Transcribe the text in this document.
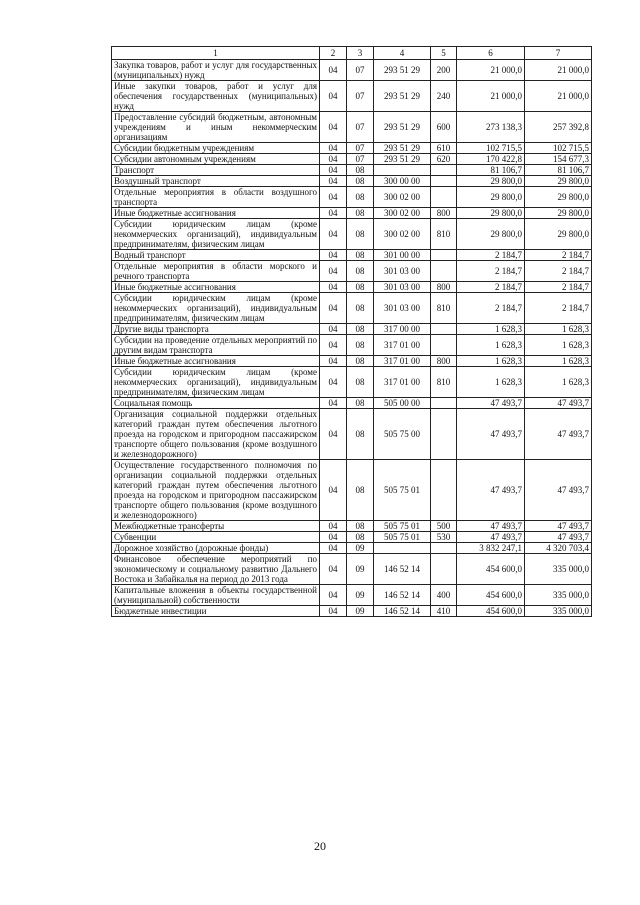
1	2	3	4	5	6	7
Закупка товаров, работ и услуг для государственных (муниципальных) нужд	04	07	293 51 29	200	21 000,0	21 000,0
Иные закупки товаров, работ и услуг для обеспечения государственных (муниципальных) нужд	04	07	293 51 29	240	21 000,0	21 000,0
Предоставление субсидий бюджетным, автономным учреждениям и иным некоммерческим организациям	04	07	293 51 29	600	273 138,3	257 392,8
Субсидии бюджетным учреждениям	04	07	293 51 29	610	102 715,5	102 715,5
Субсидии автономным учреждениям	04	07	293 51 29	620	170 422,8	154 677,3
Транспорт	04	08			81 106,7	81 106,7
Воздушный транспорт	04	08	300 00 00		29 800,0	29 800,0
Отдельные мероприятия в области воздушного транспорта	04	08	300 02 00		29 800,0	29 800,0
Иные бюджетные ассигнования	04	08	300 02 00	800	29 800,0	29 800,0
Субсидии юридическим лицам (кроме некоммерческих организаций), индивидуальным предпринимателям, физическим лицам	04	08	300 02 00	810	29 800,0	29 800,0
Водный транспорт	04	08	301 00 00		2 184,7	2 184,7
Отдельные мероприятия в области морского и речного транспорта	04	08	301 03 00		2 184,7	2 184,7
Иные бюджетные ассигнования	04	08	301 03 00	800	2 184,7	2 184,7
Субсидии юридическим лицам (кроме некоммерческих организаций), индивидуальным предпринимателям, физическим лицам	04	08	301 03 00	810	2 184,7	2 184,7
Другие виды транспорта	04	08	317 00 00		1 628,3	1 628,3
Субсидии на проведение отдельных мероприятий по другим видам транспорта	04	08	317 01 00		1 628,3	1 628,3
Иные бюджетные ассигнования	04	08	317 01 00	800	1 628,3	1 628,3
Субсидии юридическим лицам (кроме некоммерческих организаций), индивидуальным предпринимателям, физическим лицам	04	08	317 01 00	810	1 628,3	1 628,3
Социальная помощь	04	08	505 00 00		47 493,7	47 493,7
Организация социальной поддержки отдельных категорий граждан путем обеспечения льготного проезда на городском и пригородном пассажирском транспорте общего пользования (кроме воздушного и железнодорожного)	04	08	505 75 00		47 493,7	47 493,7
Осуществление государственного полномочия по организации социальной поддержки отдельных категорий граждан путем обеспечения льготного проезда на городском и пригородном пассажирском транспорте общего пользования (кроме воздушного и железнодорожного)	04	08	505 75 01		47 493,7	47 493,7
Межбюджетные трансферты	04	08	505 75 01	500	47 493,7	47 493,7
Субвенции	04	08	505 75 01	530	47 493,7	47 493,7
Дорожное хозяйство (дорожные фонды)	04	09			3 832 247,1	4 320 703,4
Финансовое обеспечение мероприятий по экономическому и социальному развитию Дальнего Востока и Забайкалья на период до 2013 года	04	09	146 52 14		454 600,0	335 000,0
Капитальные вложения в объекты государственной (муниципальной) собственности	04	09	146 52 14	400	454 600,0	335 000,0
Бюджетные инвестиции	04	09	146 52 14	410	454 600,0	335 000,0
20
